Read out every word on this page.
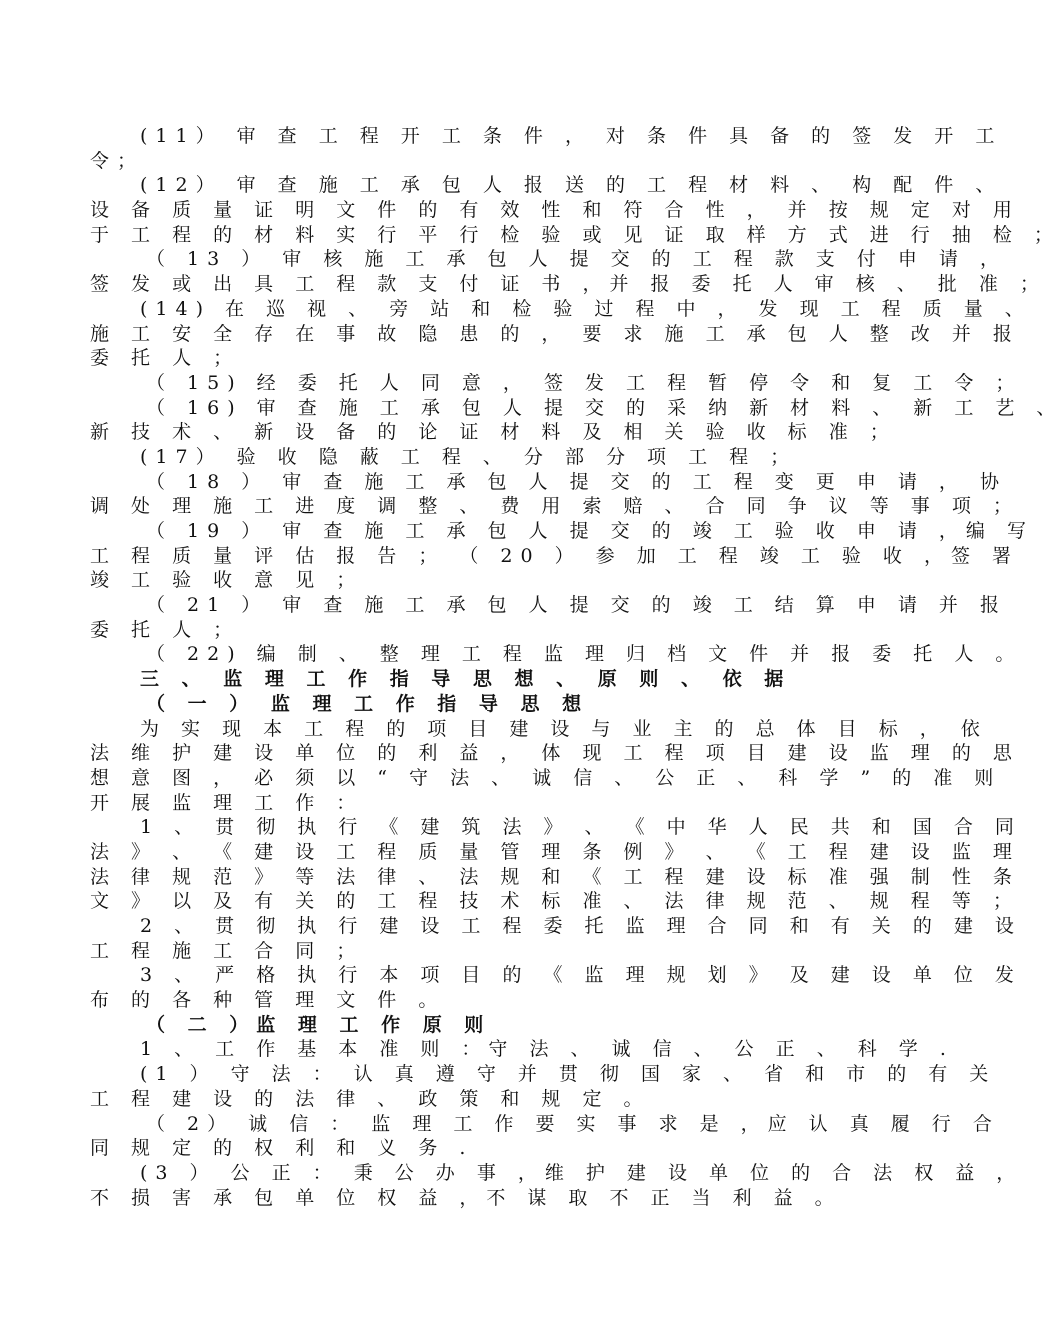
(11） 审 查 工 程 开 工 条 件 ， 对 条 件 具 备 的 签 发 开 工
令；
(12） 审 查 施 工 承 包 人 报 送 的 工 程 材 料 、 构 配 件 、
设 备 质 量 证 明 文 件 的 有 效 性 和 符 合 性 ， 并 按 规 定 对 用
于 工 程 的 材 料 实 行 平 行 检 验 或 见 证 取 样 方 式 进 行 抽 检 ；
（ 13 ） 审 核 施 工 承 包 人 提 交 的 工 程 款 支 付 申 请 ，
签 发 或 出 具 工 程 款 支 付 证 书 ，并 报 委 托 人 审 核 、 批 准 ；
(14) 在 巡 视 、 旁 站 和 检 验 过 程 中 ， 发 现 工 程 质 量 、
施 工 安 全 存 在 事 故 隐 患 的 ， 要 求 施 工 承 包 人 整 改 并 报
委 托 人 ；
（ 15) 经 委 托 人 同 意 ， 签 发 工 程 暂 停 令 和 复 工 令 ；
（ 16) 审 查 施 工 承 包 人 提 交 的 采 纳 新 材 料 、 新 工 艺 、
新 技 术 、 新 设 备 的 论 证 材 料 及 相 关 验 收 标 准 ；
(17） 验 收 隐 蔽 工 程 、 分 部 分 项 工 程 ；
（ 18 ） 审 查 施 工 承 包 人 提 交 的 工 程 变 更 申 请 ， 协
调 处 理 施 工 进 度 调 整 、 费 用 索 赔 、 合 同 争 议 等 事 项 ；
（ 19 ） 审 查 施 工 承 包 人 提 交 的 竣 工 验 收 申 请 ，编 写
工 程 质 量 评 估 报 告 ； （ 20 ） 参 加 工 程 竣 工 验 收 ，签 署
竣 工 验 收 意 见 ；
（ 21 ） 审 查 施 工 承 包 人 提 交 的 竣 工 结 算 申 请 并 报
委 托 人 ；
（ 22) 编 制 、 整 理 工 程 监 理 归 档 文 件 并 报 委 托 人 。
三 、 监 理 工 作 指 导 思 想 、 原 则 、 依 据
（ 一 ） 监 理 工 作 指 导 思 想
为 实 现 本 工 程 的 项 目 建 设 与 业 主 的 总 体 目 标 ， 依
法 维 护 建 设 单 位 的 利 益 ， 体 现 工 程 项 目 建 设 监 理 的 思
想 意 图 ， 必 须 以 “ 守 法 、 诚 信 、 公 正 、 科 学 ” 的 准 则
开 展 监 理 工 作 ：
1 、 贯 彻 执 行 《 建 筑 法 》 、 《 中 华 人 民 共 和 国 合 同
法 》 、 《 建 设 工 程 质 量 管 理 条 例 》 、 《 工 程 建 设 监 理
法 律 规 范 》 等 法 律 、 法 规 和 《 工 程 建 设 标 准 强 制 性 条
文 》 以 及 有 关 的 工 程 技 术 标 准 、 法 律 规 范 、 规 程 等 ；
2 、 贯 彻 执 行 建 设 工 程 委 托 监 理 合 同 和 有 关 的 建 设
工 程 施 工 合 同 ；
3 、 严 格 执 行 本 项 目 的 《 监 理 规 划 》 及 建 设 单 位 发
布 的 各 种 管 理 文 件 。
（ 二 ）监 理 工 作 原 则
1 、 工 作 基 本 准 则 ：守 法 、 诚 信 、 公 正 、 科 学 .
(1 ） 守 法 ： 认 真 遵 守 并 贯 彻 国 家 、 省 和 市 的 有 关
工 程 建 设 的 法 律 、 政 策 和 规 定 。
（ 2） 诚 信 ： 监 理 工 作 要 实 事 求 是 ，应 认 真 履 行 合
同 规 定 的 权 利 和 义 务 .
(3 ） 公 正 ： 秉 公 办 事 ，维 护 建 设 单 位 的 合 法 权 益 ，
不 损 害 承 包 单 位 权 益 ，不 谋 取 不 正 当 利 益 。
